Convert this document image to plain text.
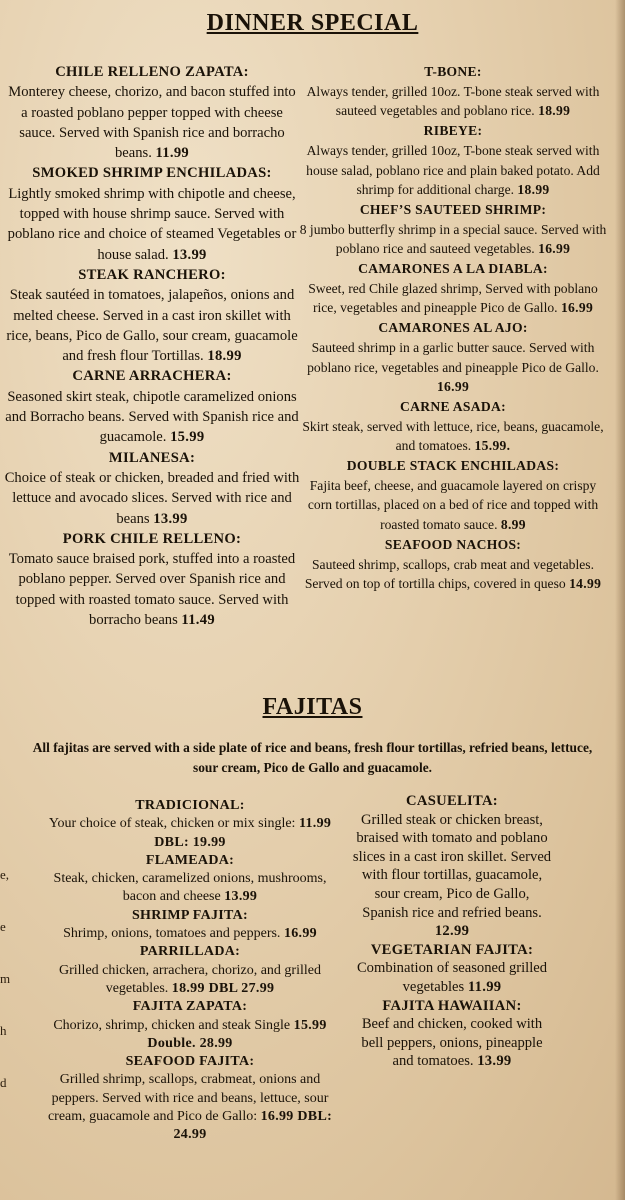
DINNER SPECIAL
CHILE RELLENO ZAPATA:
Monterey cheese, chorizo, and bacon stuffed into a roasted poblano pepper topped with cheese sauce. Served with Spanish rice and borracho beans. 11.99
SMOKED SHRIMP ENCHILADAS:
Lightly smoked shrimp with chipotle and cheese, topped with house shrimp sauce. Served with poblano rice and choice of steamed Vegetables or house salad. 13.99
STEAK RANCHERO:
Steak sautéed in tomatoes, jalapeños, onions and melted cheese. Served in a cast iron skillet with rice, beans, Pico de Gallo, sour cream, guacamole and fresh flour Tortillas. 18.99
CARNE ARRACHERA:
Seasoned skirt steak, chipotle caramelized onions and Borracho beans. Served with Spanish rice and guacamole. 15.99
MILANESA:
Choice of steak or chicken, breaded and fried with lettuce and avocado slices. Served with rice and beans 13.99
PORK CHILE RELLENO:
Tomato sauce braised pork, stuffed into a roasted poblano pepper. Served over Spanish rice and topped with roasted tomato sauce. Served with borracho beans 11.49
T-BONE:
Always tender, grilled 10oz. T-bone steak served with sauteed vegetables and poblano rice. 18.99
RIBEYE:
Always tender, grilled 10oz, T-bone steak served with house salad, poblano rice and plain baked potato. Add shrimp for additional charge. 18.99
CHEF’S SAUTEED SHRIMP:
8 jumbo butterfly shrimp in a special sauce. Served with poblano rice and sauteed vegetables. 16.99
CAMARONES A LA DIABLA:
Sweet, red Chile glazed shrimp, Served with poblano rice, vegetables and pineapple Pico de Gallo. 16.99
CAMARONES AL AJO:
Sauteed shrimp in a garlic butter sauce. Served with poblano rice, vegetables and pineapple Pico de Gallo. 16.99
CARNE ASADA:
Skirt steak, served with lettuce, rice, beans, guacamole, and tomatoes. 15.99.
DOUBLE STACK ENCHILADAS:
Fajita beef, cheese, and guacamole layered on crispy corn tortillas, placed on a bed of rice and topped with roasted tomato sauce. 8.99
SEAFOOD NACHOS:
Sauteed shrimp, scallops, crab meat and vegetables. Served on top of tortilla chips, covered in queso 14.99
FAJITAS
All fajitas are served with a side plate of rice and beans, fresh flour tortillas, refried beans, lettuce, sour cream, Pico de Gallo and guacamole.
TRADICIONAL:
Your choice of steak, chicken or mix single: 11.99 DBL: 19.99
FLAMEADA:
Steak, chicken, caramelized onions, mushrooms, bacon and cheese 13.99
SHRIMP FAJITA:
Shrimp, onions, tomatoes and peppers. 16.99
PARRILLADA:
Grilled chicken, arrachera, chorizo, and grilled vegetables. 18.99 DBL 27.99
FAJITA ZAPATA:
Chorizo, shrimp, chicken and steak Single 15.99 Double. 28.99
SEAFOOD FAJITA:
Grilled shrimp, scallops, crabmeat, onions and peppers. Served with rice and beans, lettuce, sour cream, guacamole and Pico de Gallo: 16.99 DBL: 24.99
CASUELITA:
Grilled steak or chicken breast, braised with tomato and poblano slices in a cast iron skillet. Served with flour tortillas, guacamole, sour cream, Pico de Gallo, Spanish rice and refried beans. 12.99
VEGETARIAN FAJITA:
Combination of seasoned grilled vegetables 11.99
FAJITA HAWAIIAN:
Beef and chicken, cooked with bell peppers, onions, pineapple and tomatoes. 13.99
e,
e
m
h
d
